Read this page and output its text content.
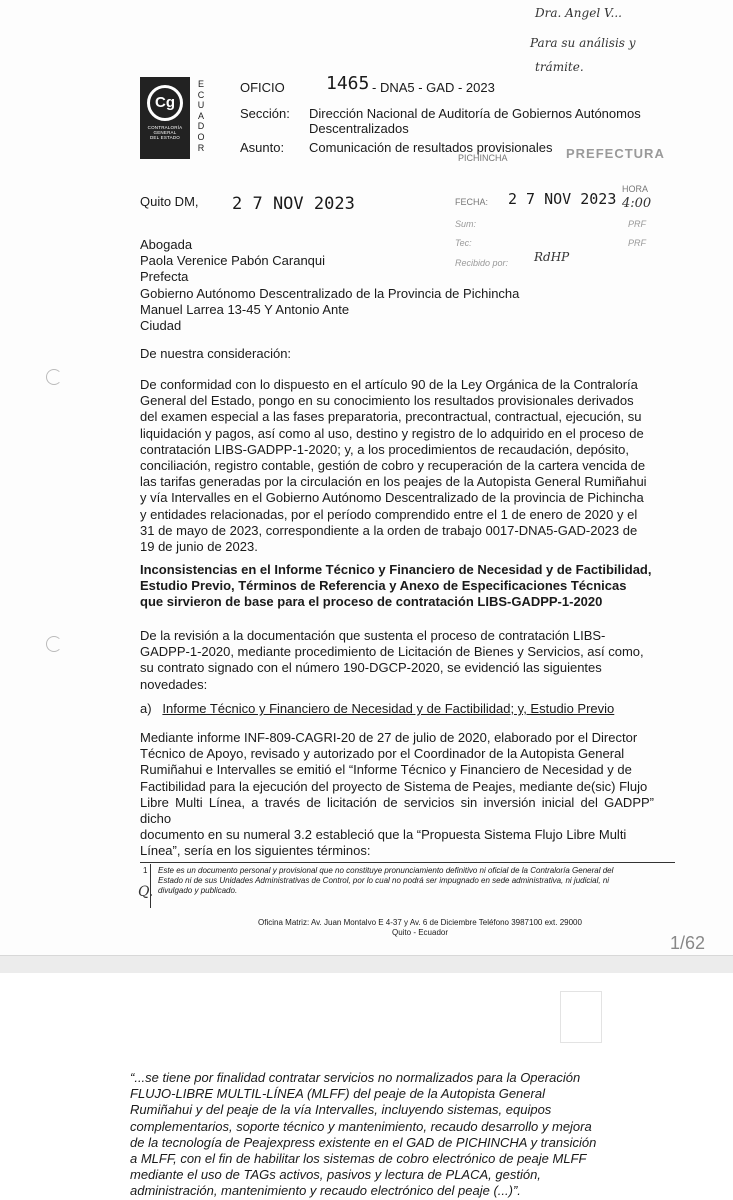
Dra. Angel V...
Para su análisis y
trámite.
Cg
CONTRALORÍA
GENERAL
DEL ESTADO
E
C
U
A
D
O
R
OFICIO 1465 - DNA5 - GAD - 2023
Sección: Dirección Nacional de Auditoría de Gobiernos Autónomos
Descentralizados
Asunto: Comunicación de resultados provisionales
PICHINCHA	PREFECTURA
Quito DM, 2 7 NOV 2023	FECHA: 2 7 NOV 2023
HORA
4:00
Sum:	PRF
Tec:	PRF
Recibido por: RdHP
Abogada
Paola Verenice Pabón Caranqui
Prefecta
Gobierno Autónomo Descentralizado de la Provincia de Pichincha
Manuel Larrea 13-45 Y Antonio Ante
Ciudad
De nuestra consideración:
De conformidad con lo dispuesto en el artículo 90 de la Ley Orgánica de la Contraloría
General del Estado, pongo en su conocimiento los resultados provisionales derivados
del examen especial a las fases preparatoria, precontractual, contractual, ejecución, su
liquidación y pagos, así como al uso, destino y registro de lo adquirido en el proceso de
contratación LIBS-GADPP-1-2020; y, a los procedimientos de recaudación, depósito,
conciliación, registro contable, gestión de cobro y recuperación de la cartera vencida de
las tarifas generadas por la circulación en los peajes de la Autopista General Rumiñahui
y vía Intervalles en el Gobierno Autónomo Descentralizado de la provincia de Pichincha
y entidades relacionadas, por el período comprendido entre el 1 de enero de 2020 y el
31 de mayo de 2023, correspondiente a la orden de trabajo 0017-DNA5-GAD-2023 de
19 de junio de 2023.
Inconsistencias en el Informe Técnico y Financiero de Necesidad y de Factibilidad,
Estudio Previo, Términos de Referencia y Anexo de Especificaciones Técnicas
que sirvieron de base para el proceso de contratación LIBS-GADPP-1-2020
De la revisión a la documentación que sustenta el proceso de contratación LIBS-
GADPP-1-2020, mediante procedimiento de Licitación de Bienes y Servicios, así como,
su contrato signado con el número 190-DGCP-2020, se evidenció las siguientes
novedades:
a) Informe Técnico y Financiero de Necesidad y de Factibilidad; y, Estudio Previo
Mediante informe INF-809-CAGRI-20 de 27 de julio de 2020, elaborado por el Director
Técnico de Apoyo, revisado y autorizado por el Coordinador de la Autopista General
Rumiñahui e Intervalles se emitió el “Informe Técnico y Financiero de Necesidad y de
Factibilidad para la ejecución del proyecto de Sistema de Peajes, mediante de(sic) Flujo
Libre Multi Línea, a través de licitación de servicios sin inversión inicial del GADPP” dicho
documento en su numeral 3.2 estableció que la “Propuesta Sistema Flujo Libre Multi
Línea”, sería en los siguientes términos:
1
Q.
Este es un documento personal y provisional que no constituye pronunciamiento definitivo ni oficial de la Contraloría General del
Estado ni de sus Unidades Administrativas de Control, por lo cual no podrá ser impugnado en sede administrativa, ni judicial, ni
divulgado y publicado.
Oficina Matriz: Av. Juan Montalvo E 4-37 y Av. 6 de Diciembre Teléfono 3987100 ext. 29000
Quito - Ecuador
1/62
“...se tiene por finalidad contratar servicios no normalizados para la Operación
FLUJO-LIBRE MULTIL-LÍNEA (MLFF) del peaje de la Autopista General
Rumiñahui y del peaje de la vía Intervalles, incluyendo sistemas, equipos
complementarios, soporte técnico y mantenimiento, recaudo desarrollo y mejora
de la tecnología de Peajexpress existente en el GAD de PICHINCHA y transición
a MLFF, con el fin de habilitar los sistemas de cobro electrónico de peaje MLFF
mediante el uso de TAGs activos, pasivos y lectura de PLACA, gestión,
administración, mantenimiento y recaudo electrónico del peaje (...)”.
